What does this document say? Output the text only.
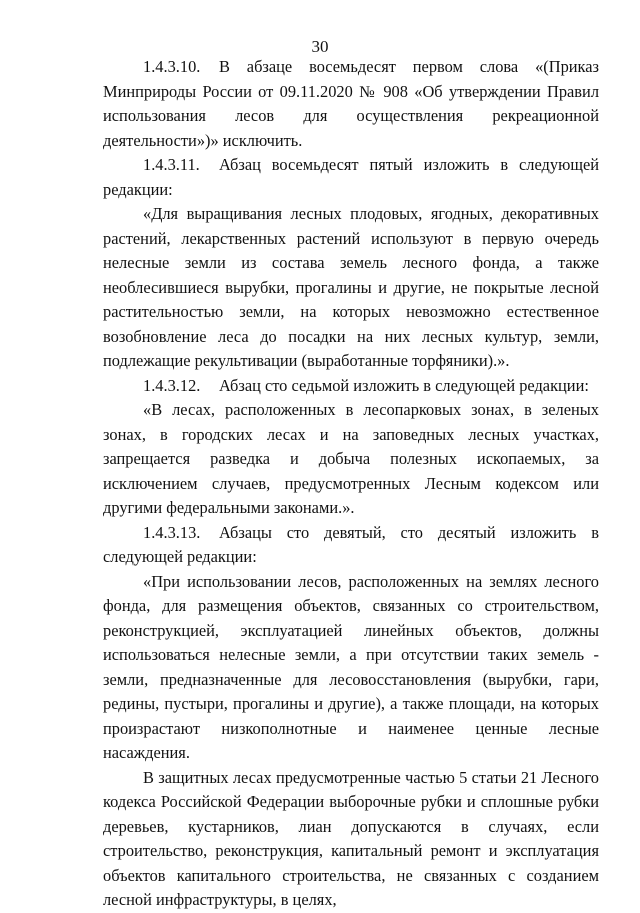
30

1.4.3.10. В абзаце восемьдесят первом слова «(Приказ Минприроды России от 09.11.2020 № 908 «Об утверждении Правил использования лесов для осуществления рекреационной деятельности»)» исключить.

1.4.3.11. Абзац восемьдесят пятый изложить в следующей редакции:

«Для выращивания лесных плодовых, ягодных, декоративных растений, лекарственных растений используют в первую очередь нелесные земли из состава земель лесного фонда, а также необлесившиеся вырубки, прогалины и другие, не покрытые лесной растительностью земли, на которых невозможно естественное возобновление леса до посадки на них лесных культур, земли, подлежащие рекультивации (выработанные торфяники).».

1.4.3.12. Абзац сто седьмой изложить в следующей редакции:

«В лесах, расположенных в лесопарковых зонах, в зеленых зонах, в городских лесах и на заповедных лесных участках, запрещается разведка и добыча полезных ископаемых, за исключением случаев, предусмотренных Лесным кодексом или другими федеральными законами.».

1.4.3.13. Абзацы сто девятый, сто десятый изложить в следующей редакции:

«При использовании лесов, расположенных на землях лесного фонда, для размещения объектов, связанных со строительством, реконструкцией, эксплуатацией линейных объектов, должны использоваться нелесные земли, а при отсутствии таких земель - земли, предназначенные для лесовосстановления (вырубки, гари, редины, пустыри, прогалины и другие), а также площади, на которых произрастают низкополнотные и наименее ценные лесные насаждения.

В защитных лесах предусмотренные частью 5 статьи 21 Лесного кодекса Российской Федерации выборочные рубки и сплошные рубки деревьев, кустарников, лиан допускаются в случаях, если строительство, реконструкция, капитальный ремонт и эксплуатация объектов капитального строительства, не связанных с созданием лесной инфраструктуры, в целях,
